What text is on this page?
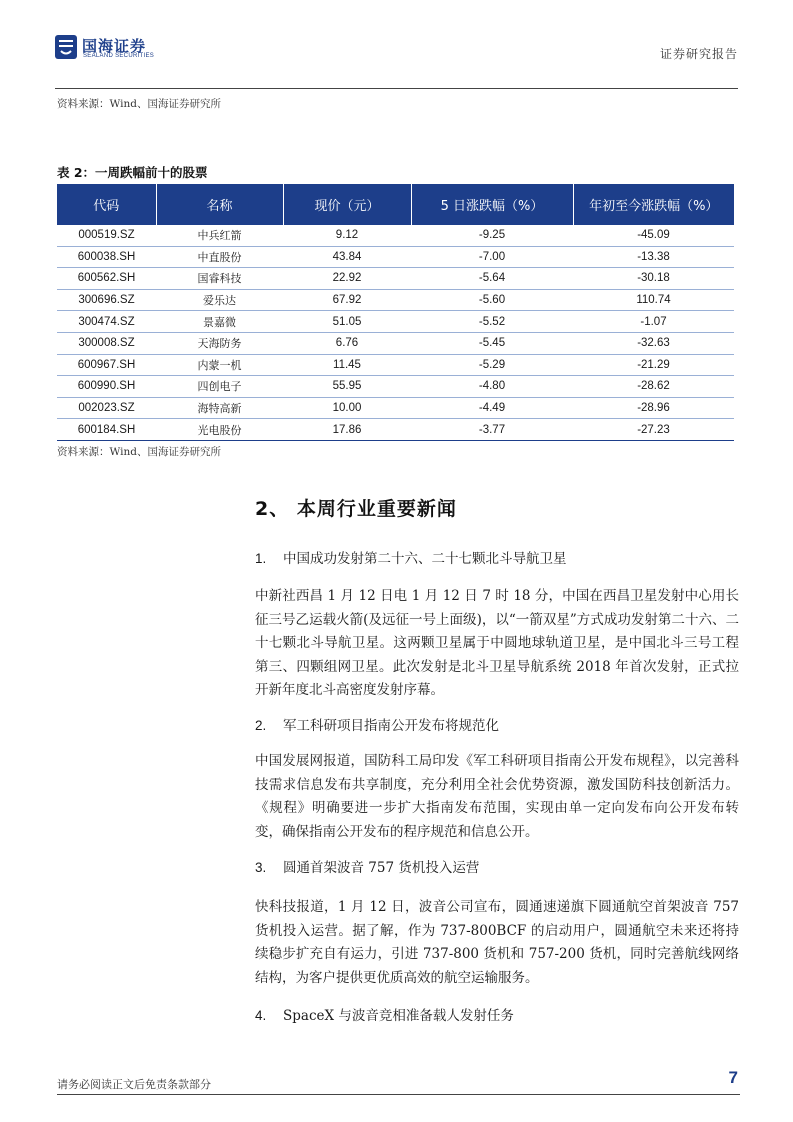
国海证券
SEALAND SECURITIES	证券研究报告
资料来源：Wind、国海证券研究所
表 2：一周跌幅前十的股票
代码	名称	现价（元）	5 日涨跌幅（%）	年初至今涨跌幅（%）
000519.SZ	中兵红箭	9.12	-9.25	-45.09
600038.SH	中直股份	43.84	-7.00	-13.38
600562.SH	国睿科技	22.92	-5.64	-30.18
300696.SZ	爱乐达	67.92	-5.60	110.74
300474.SZ	景嘉微	51.05	-5.52	-1.07
300008.SZ	天海防务	6.76	-5.45	-32.63
600967.SH	内蒙一机	11.45	-5.29	-21.29
600990.SH	四创电子	55.95	-4.80	-28.62
002023.SZ	海特高新	10.00	-4.49	-28.96
600184.SH	光电股份	17.86	-3.77	-27.23
资料来源：Wind、国海证券研究所
2、 本周行业重要新闻
1. 中国成功发射第二十六、二十七颗北斗导航卫星

中新社西昌 1 月 12 日电 1 月 12 日 7 时 18 分，中国在西昌卫星发射中心用长征三号乙运载火箭(及远征一号上面级)，以“一箭双星”方式成功发射第二十六、二十七颗北斗导航卫星。这两颗卫星属于中圆地球轨道卫星，是中国北斗三号工程第三、四颗组网卫星。此次发射是北斗卫星导航系统 2018 年首次发射，正式拉开新年度北斗高密度发射序幕。

2. 军工科研项目指南公开发布将规范化

中国发展网报道，国防科工局印发《军工科研项目指南公开发布规程》，以完善科技需求信息发布共享制度，充分利用全社会优势资源，激发国防科技创新活力。《规程》明确要进一步扩大指南发布范围，实现由单一定向发布向公开发布转变，确保指南公开发布的程序规范和信息公开。

3. 圆通首架波音 757 货机投入运营

快科技报道，1 月 12 日，波音公司宣布，圆通速递旗下圆通航空首架波音 757 货机投入运营。据了解，作为 737-800BCF 的启动用户，圆通航空未来还将持续稳步扩充自有运力，引进 737-800 货机和 757-200 货机，同时完善航线网络结构，为客户提供更优质高效的航空运输服务。

4. SpaceX 与波音竞相准备载人发射任务
请务必阅读正文后免责条款部分	7
